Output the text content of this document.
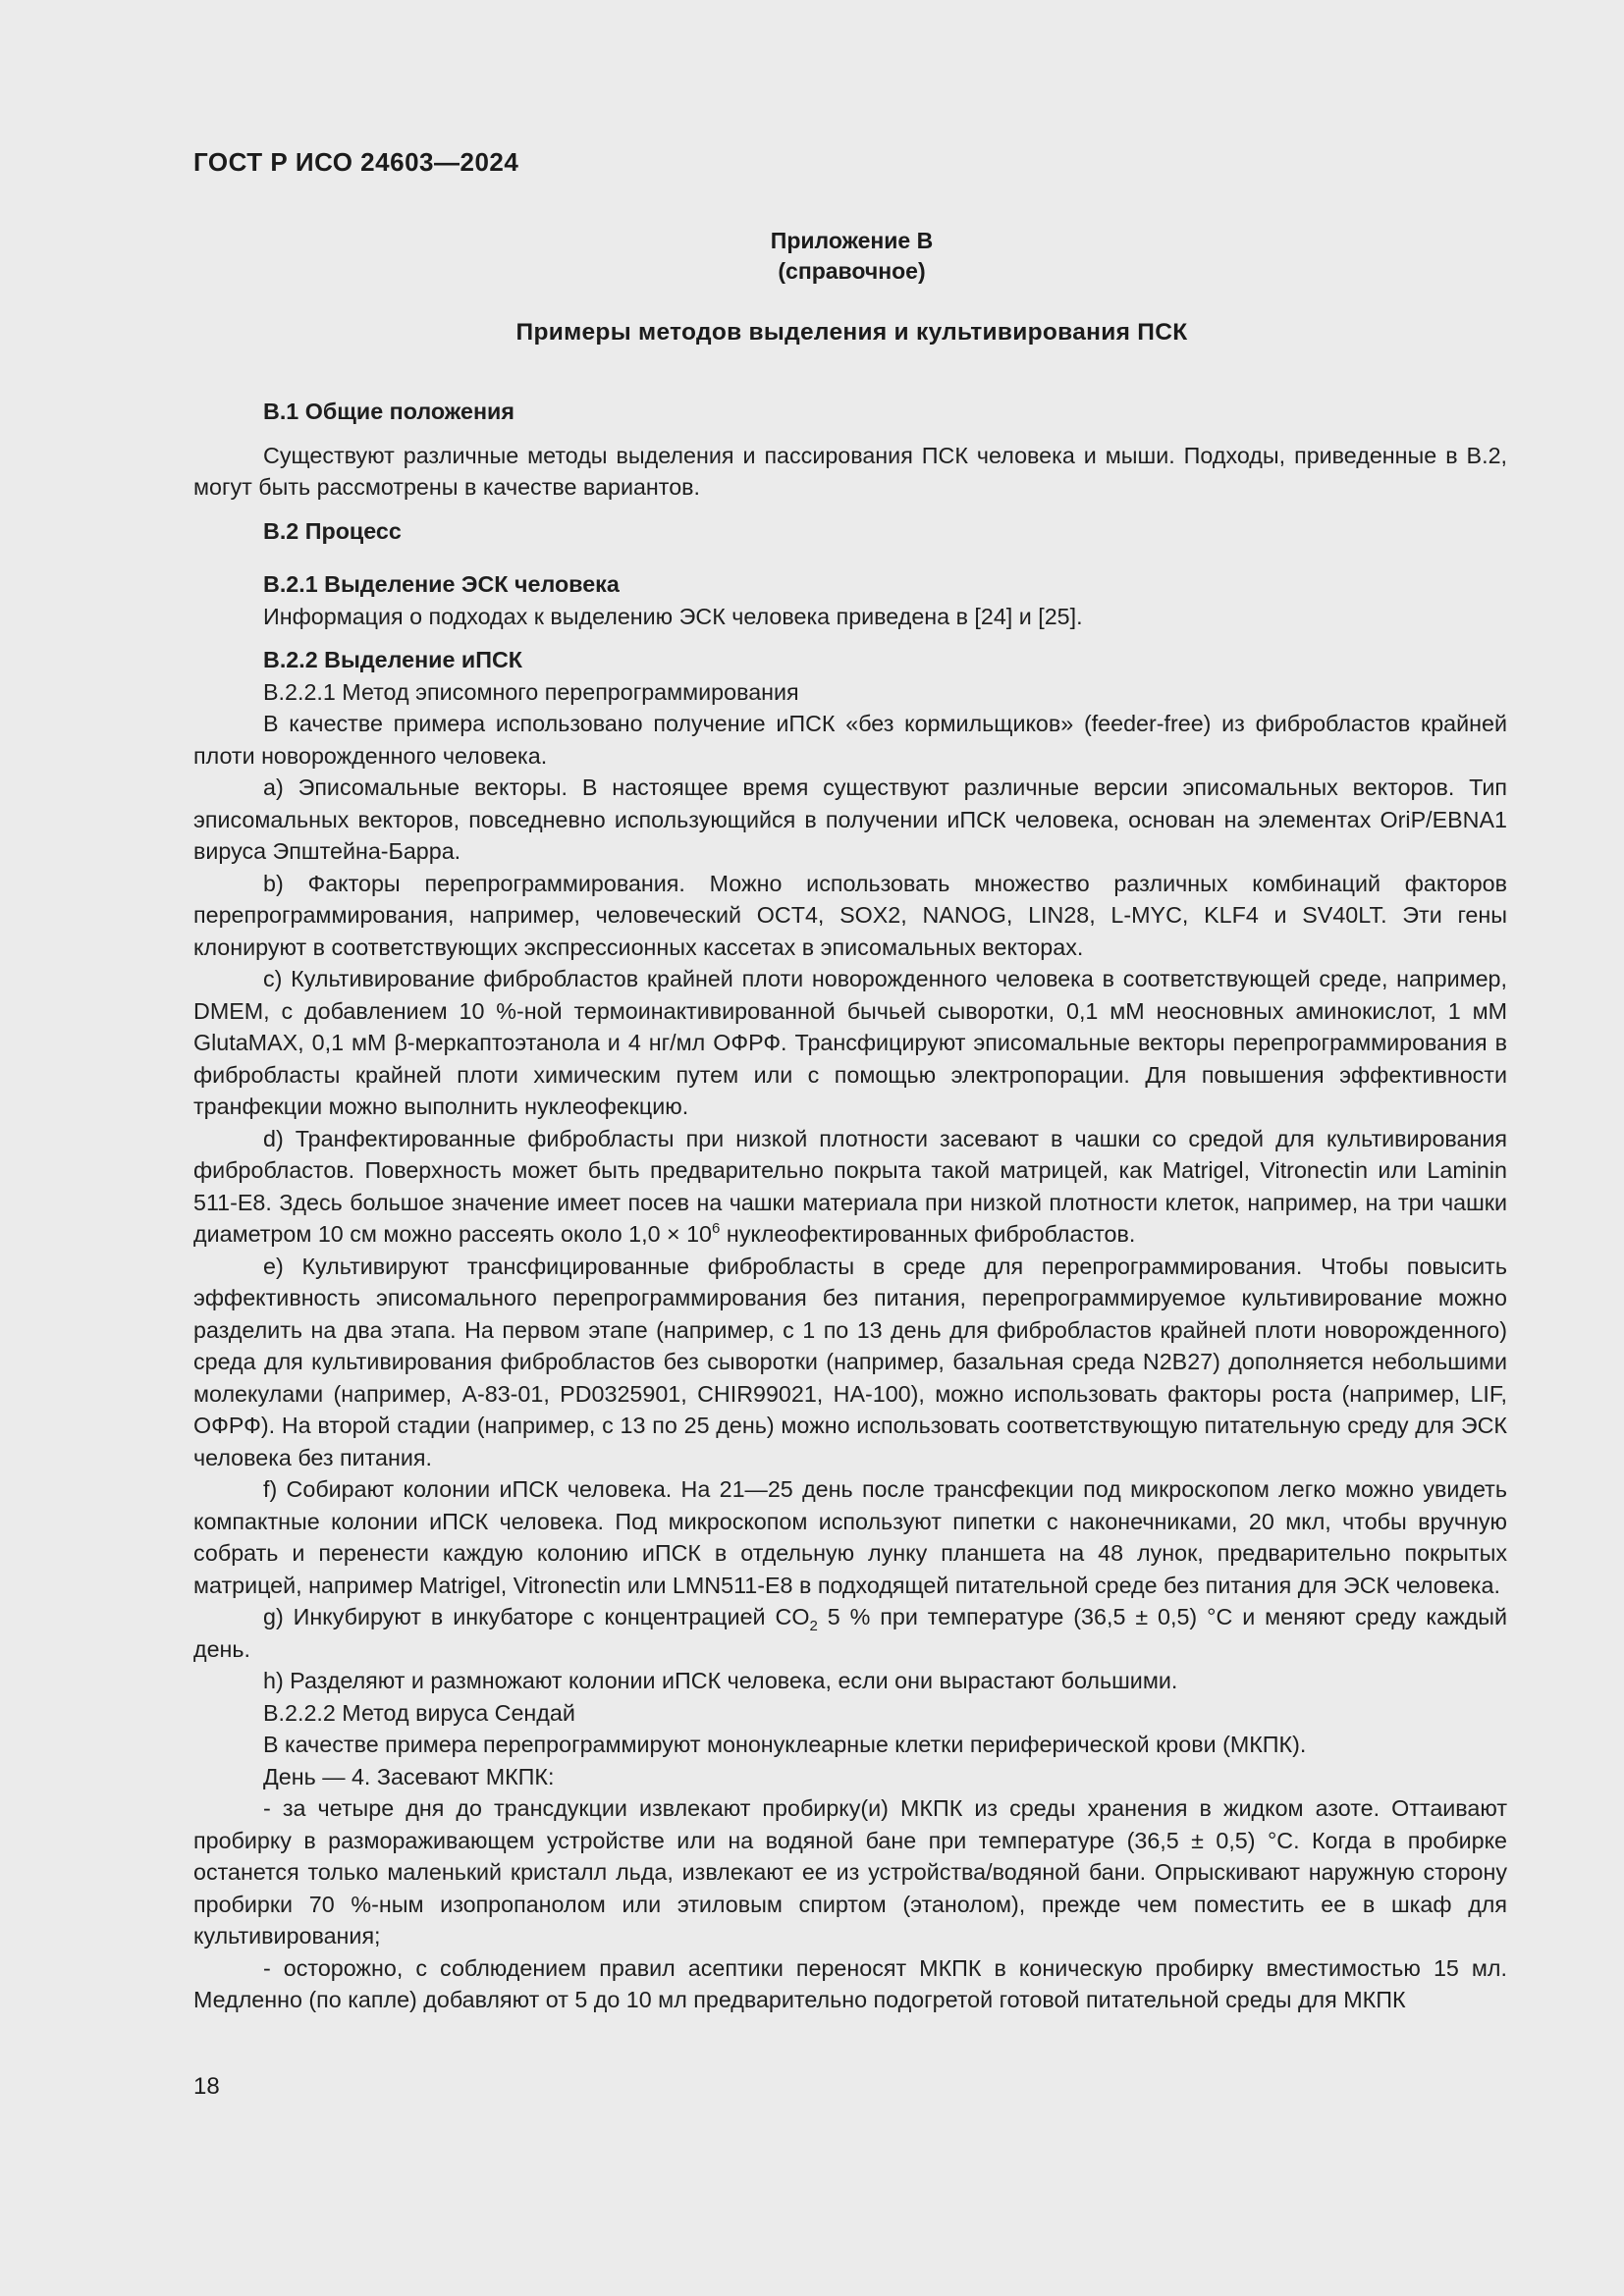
ГОСТ Р ИСО 24603—2024
Приложение В
(справочное)
Примеры методов выделения и культивирования ПСК

В.1 Общие положения

Существуют различные методы выделения и пассирования ПСК человека и мыши. Подходы, приведенные в В.2, могут быть рассмотрены в качестве вариантов.

В.2 Процесс

В.2.1 Выделение ЭСК человека

Информация о подходах к выделению ЭСК человека приведена в [24] и [25].

В.2.2 Выделение иПСК

В.2.2.1 Метод эписомного перепрограммирования

В качестве примера использовано получение иПСК «без кормильщиков» (feeder-free) из фибробластов крайней плоти новорожденного человека.

а) Эписомальные векторы. В настоящее время существуют различные версии эписомальных векторов. Тип эписомальных векторов, повседневно использующийся в получении иПСК человека, основан на элементах OriP/EBNA1 вируса Эпштейна-Барра.

b) Факторы перепрограммирования. Можно использовать множество различных комбинаций факторов перепрограммирования, например, человеческий OCT4, SOX2, NANOG, LIN28, L-MYC, KLF4 и SV40LT. Эти гены клонируют в соответствующих экспрессионных кассетах в эписомальных векторах.

с) Культивирование фибробластов крайней плоти новорожденного человека в соответствующей среде, например, DMEM, с добавлением 10 %-ной термоинактивированной бычьей сыворотки, 0,1 мМ неосновных аминокислот, 1 мМ GlutaMAX, 0,1 мМ β-меркаптоэтанола и 4 нг/мл ОФРФ. Трансфицируют эписомальные векторы перепрограммирования в фибробласты крайней плоти химическим путем или с помощью электропорации. Для повышения эффективности транфекции можно выполнить нуклеофекцию.

d) Транфектированные фибробласты при низкой плотности засевают в чашки со средой для культивирования фибробластов. Поверхность может быть предварительно покрыта такой матрицей, как Matrigel, Vitronectin или Laminin 511-E8. Здесь большое значение имеет посев на чашки материала при низкой плотности клеток, например, на три чашки диаметром 10 см можно рассеять около $1,0 \times 10^6$ нуклеофектированных фибробластов.

е) Культивируют трансфицированные фибробласты в среде для перепрограммирования. Чтобы повысить эффективность эписомального перепрограммирования без питания, перепрограммируемое культивирование можно разделить на два этапа. На первом этапе (например, с 1 по 13 день для фибробластов крайней плоти новорожденного) среда для культивирования фибробластов без сыворотки (например, базальная среда N2B27) дополняется небольшими молекулами (например, A-83-01, PD0325901, CHIR99021, HA-100), можно использовать факторы роста (например, LIF, ОФРФ). На второй стадии (например, с 13 по 25 день) можно использовать соответствующую питательную среду для ЭСК человека без питания.

f) Собирают колонии иПСК человека. На 21—25 день после трансфекции под микроскопом легко можно увидеть компактные колонии иПСК человека. Под микроскопом используют пипетки с наконечниками, 20 мкл, чтобы вручную собрать и перенести каждую колонию иПСК в отдельную лунку планшета на 48 лунок, предварительно покрытых матрицей, например Matrigel, Vitronectin или LMN511-E8 в подходящей питательной среде без питания для ЭСК человека.

g) Инкубируют в инкубаторе с концентрацией $CO_2$ 5 % при температуре (36,5 ± 0,5) °C и меняют среду каждый день.

h) Разделяют и размножают колонии иПСК человека, если они вырастают большими.

В.2.2.2 Метод вируса Сендай

В качестве примера перепрограммируют мононуклеарные клетки периферической крови (МКПК).

День — 4. Засевают МКПК:

- за четыре дня до трансдукции извлекают пробирку(и) МКПК из среды хранения в жидком азоте. Оттаивают пробирку в размораживающем устройстве или на водяной бане при температуре (36,5 ± 0,5) °C. Когда в пробирке останется только маленький кристалл льда, извлекают ее из устройства/водяной бани. Опрыскивают наружную сторону пробирки 70 %-ным изопропанолом или этиловым спиртом (этанолом), прежде чем поместить ее в шкаф для культивирования;

- осторожно, с соблюдением правил асептики переносят МКПК в коническую пробирку вместимостью 15 мл. Медленно (по капле) добавляют от 5 до 10 мл предварительно подогретой готовой питательной среды для МКПК

18
